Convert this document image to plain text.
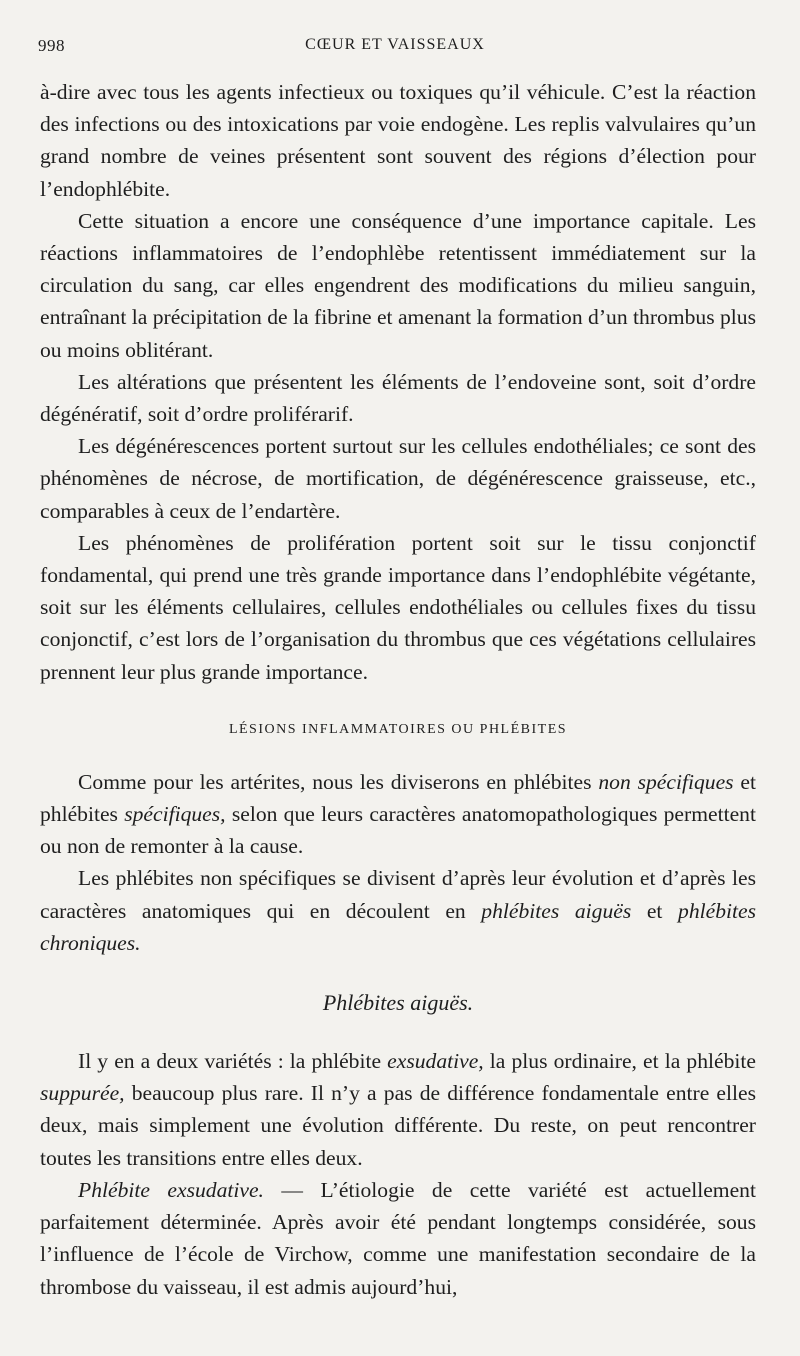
998	CŒUR ET VAISSEAUX

à-dire avec tous les agents infectieux ou toxiques qu’il véhicule. C’est la réaction des infections ou des intoxications par voie endogène. Les replis valvulaires qu’un grand nombre de veines présentent sont souvent des régions d’élection pour l’endophlébite.

Cette situation a encore une conséquence d’une importance capitale. Les réactions inflammatoires de l’endophlèbe retentissent immédiatement sur la circulation du sang, car elles engendrent des modifications du milieu sanguin, entraînant la précipitation de la fibrine et amenant la formation d’un thrombus plus ou moins oblitérant.

Les altérations que présentent les éléments de l’endoveine sont, soit d’ordre dégénératif, soit d’ordre proliférarif.

Les dégénérescences portent surtout sur les cellules endothéliales; ce sont des phénomènes de nécrose, de mortification, de dégénérescence graisseuse, etc., comparables à ceux de l’endartère.

Les phénomènes de prolifération portent soit sur le tissu conjonctif fondamental, qui prend une très grande importance dans l’endophlébite végétante, soit sur les éléments cellulaires, cellules endothéliales ou cellules fixes du tissu conjonctif, c’est lors de l’organisation du thrombus que ces végétations cellulaires prennent leur plus grande importance.

LÉSIONS INFLAMMATOIRES OU PHLÉBITES

Comme pour les artérites, nous les diviserons en phlébites non spécifiques et phlébites spécifiques, selon que leurs caractères anatomopathologiques permettent ou non de remonter à la cause.

Les phlébites non spécifiques se divisent d’après leur évolution et d’après les caractères anatomiques qui en découlent en phlébites aiguës et phlébites chroniques.

Phlébites aiguës.

Il y en a deux variétés : la phlébite exsudative, la plus ordinaire, et la phlébite suppurée, beaucoup plus rare. Il n’y a pas de différence fondamentale entre elles deux, mais simplement une évolution différente. Du reste, on peut rencontrer toutes les transitions entre elles deux.

Phlébite exsudative. — L’étiologie de cette variété est actuellement parfaitement déterminée. Après avoir été pendant longtemps considérée, sous l’influence de l’école de Virchow, comme une manifestation secondaire de la thrombose du vaisseau, il est admis aujourd’hui,
